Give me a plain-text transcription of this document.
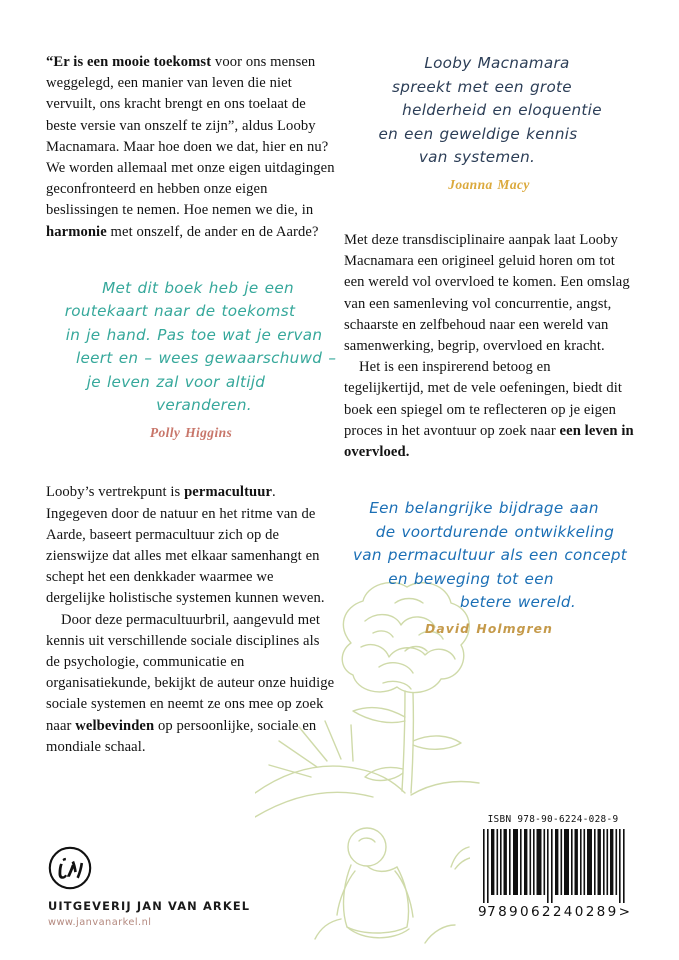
“Er is een mooie toekomst voor ons mensen weggelegd, een manier van leven die niet vervuilt, ons kracht brengt en ons toelaat de beste versie van onszelf te zijn”, aldus Looby Macnamara. Maar hoe doen we dat, hier en nu? We worden allemaal met onze eigen uitdagingen geconfronteerd en hebben onze eigen beslissingen te nemen. Hoe nemen we die, in harmonie met onszelf, de ander en de Aarde?

Met dit boek heb je een
routekaart naar de toekomst
in je hand. Pas toe wat je ervan
leert en – wees gewaarschuwd –
je leven zal voor altijd
veranderen.
Polly Higgins

Looby’s vertrekpunt is permacultuur. Ingegeven door de natuur en het ritme van de Aarde, baseert permacultuur zich op de zienswijze dat alles met elkaar samenhangt en schept het een denkkader waarmee we dergelijke holistische systemen kunnen weven.

Door deze permacultuurbril, aangevuld met kennis uit verschillende sociale disciplines als de psychologie, communicatie en organisatiekunde, bekijkt de auteur onze huidige sociale systemen en neemt ze ons mee op zoek naar welbevinden op persoonlijke, sociale en mondiale schaal.

Looby Macnamara
spreekt met een grote
helderheid en eloquentie
en een geweldige kennis
van systemen.
Joanna Macy

Met deze transdisciplinaire aanpak laat Looby Macnamara een origineel geluid horen om tot een wereld vol overvloed te komen. Een omslag van een samenleving vol concurrentie, angst, schaarste en zelfbehoud naar een wereld van samenwerking, begrip, overvloed en kracht.

Het is een inspirerend betoog en tegelijkertijd, met de vele oefeningen, biedt dit boek een spiegel om te reflecteren op je eigen proces in het avontuur op zoek naar een leven in overvloed.

Een belangrijke bijdrage aan
de voortdurende ontwikkeling
van permacultuur als een concept
en beweging tot een
betere wereld.
David Holmgren
UITGEVERIJ JAN VAN ARKEL
www.janvanarkel.nl
ISBN 978-90-6224-028-9
9 789062 240289 >
